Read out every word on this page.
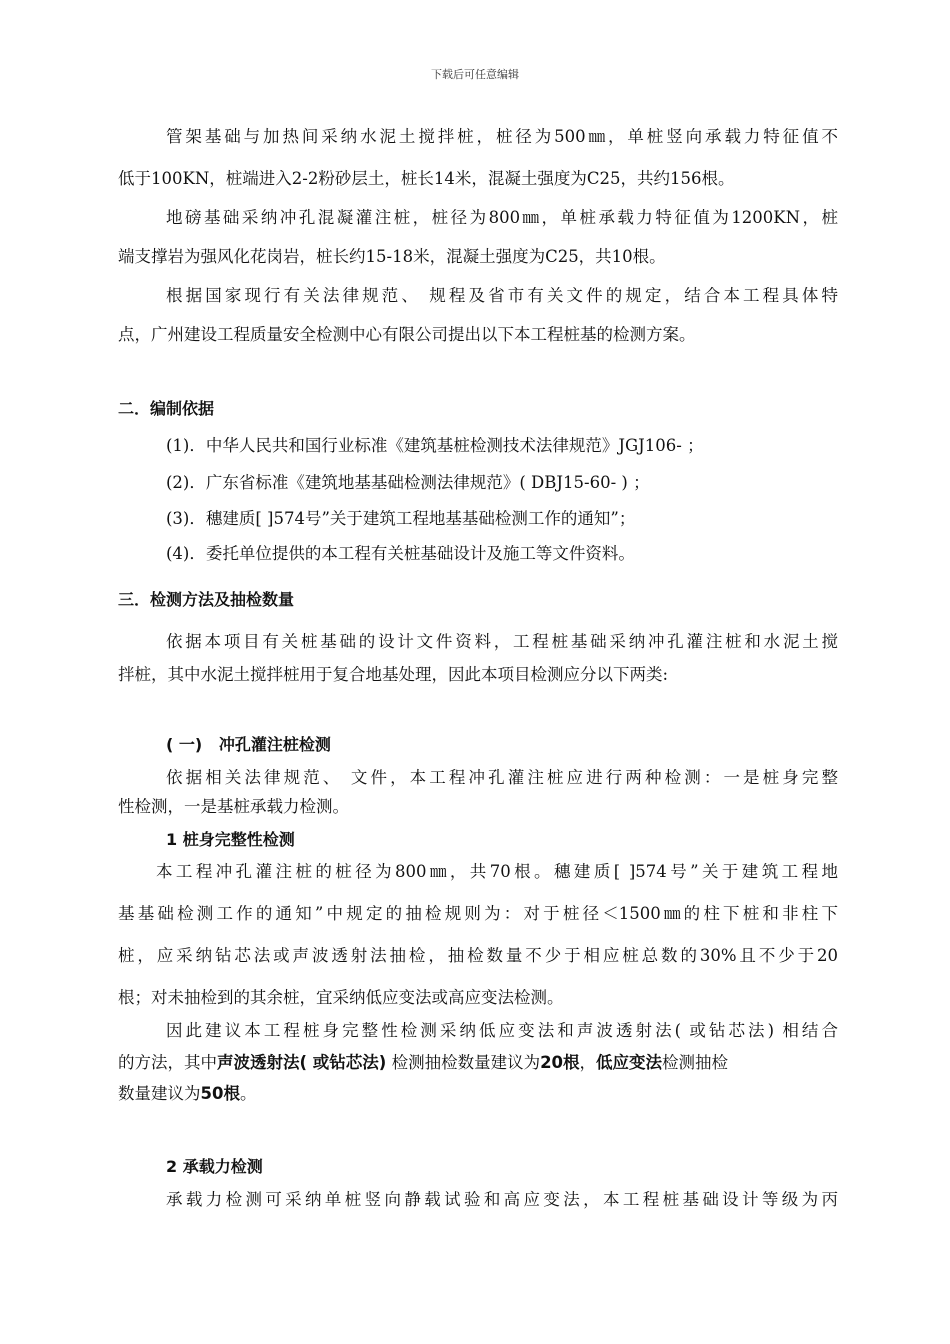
下载后可任意编辑
管架基础与加热间采纳水泥土搅拌桩，桩径为500㎜，单桩竖向承载力特征值不
低于100KN，桩端进入2-2粉砂层土，桩长14米，混凝土强度为C25，共约156根。
地磅基础采纳冲孔混凝灌注桩，桩径为800㎜，单桩承载力特征值为1200KN，桩
端支撑岩为强风化花岗岩，桩长约15-18米，混凝土强度为C25，共10根。
根据国家现行有关法律规范、 规程及省市有关文件的规定，结合本工程具体特
点，广州建设工程质量安全检测中心有限公司提出以下本工程桩基的检测方案。
二．编制依据
(1)．中华人民共和国行业标准《建筑基桩检测技术法律规范》JGJ106- ；
(2)．广东省标准《建筑地基基础检测法律规范》( DBJ15-60- ) ；
(3)．穗建质[ ]574号”关于建筑工程地基基础检测工作的通知”；
(4)．委托单位提供的本工程有关桩基础设计及施工等文件资料。
三．检测方法及抽检数量
依据本项目有关桩基础的设计文件资料，工程桩基础采纳冲孔灌注桩和水泥土搅
拌桩，其中水泥土搅拌桩用于复合地基处理，因此本项目检测应分以下两类:
( 一)   冲孔灌注桩检测
依据相关法律规范、 文件，本工程冲孔灌注桩应进行两种检测：一是桩身完整
性检测，一是基桩承载力检测。
1 桩身完整性检测
本工程冲孔灌注桩的桩径为800㎜，共70根。穗建质[ ]574号”关于建筑工程地
基基础检测工作的通知”中规定的抽检规则为：对于桩径＜1500㎜的柱下桩和非柱下
桩，应采纳钻芯法或声波透射法抽检，抽检数量不少于相应桩总数的30%且不少于20
根；对未抽检到的其余桩，宜采纳低应变法或高应变法检测。
因此建议本工程桩身完整性检测采纳低应变法和声波透射法( 或钻芯法) 相结合
的方法，其中声波透射法( 或钻芯法) 检测抽检数量建议为20根，低应变法检测抽检
数量建议为50根。
2 承载力检测
承载力检测可采纳单桩竖向静载试验和高应变法，本工程桩基础设计等级为丙
